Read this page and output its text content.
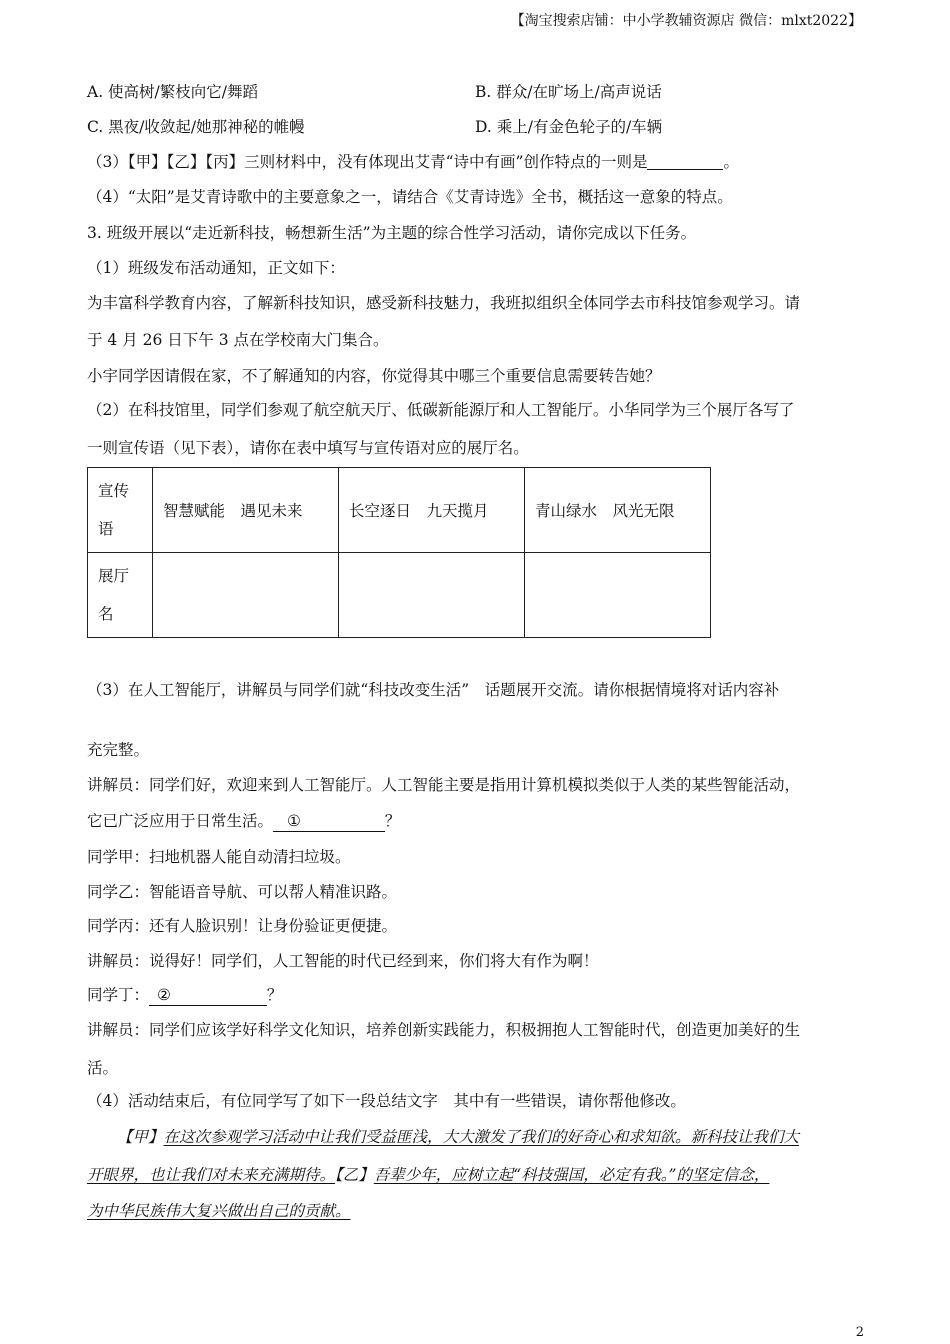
【淘宝搜索店铺：中小学教辅资源店 微信：mlxt2022】
A. 使高树/繁枝向它/舞蹈	B. 群众/在旷场上/高声说话
C. 黑夜/收敛起/她那神秘的帷幔	D. 乘上/有金色轮子的/车辆
（3）【甲】【乙】【丙】三则材料中，没有体现出艾青“诗中有画”创作特点的一则是	。
（4）“太阳”是艾青诗歌中的主要意象之一，请结合《艾青诗选》全书，概括这一意象的特点。
3. 班级开展以“走近新科技，畅想新生活”为主题的综合性学习活动，请你完成以下任务。
（1）班级发布活动通知，正文如下：
为丰富科学教育内容，了解新科技知识，感受新科技魅力，我班拟组织全体同学去市科技馆参观学习。请
于 4 月 26 日下午 3 点在学校南大门集合。
小宇同学因请假在家，不了解通知的内容，你觉得其中哪三个重要信息需要转告她？
（2）在科技馆里，同学们参观了航空航天厅、低碳新能源厅和人工智能厅。小华同学为三个展厅各写了
一则宣传语（见下表），请你在表中填写与宣传语对应的展厅名。
宣传语	智慧赋能　遇见未来	长空逐日　九天揽月	青山绿水　风光无限
展厅名			
（3）在人工智能厅，讲解员与同学们就“科技改变生活”　话题展开交流。请你根据情境将对话内容补
充完整。
讲解员：同学们好，欢迎来到人工智能厅。人工智能主要是指用计算机模拟类似于人类的某些智能活动，
它已广泛应用于日常生活。 ①	？
同学甲：扫地机器人能自动清扫垃圾。
同学乙：智能语音导航、可以帮人精准识路。
同学丙：还有人脸识别！让身份验证更便捷。
讲解员：说得好！同学们，人工智能的时代已经到来，你们将大有作为啊！
同学丁： ②	？
讲解员：同学们应该学好科学文化知识，培养创新实践能力，积极拥抱人工智能时代，创造更加美好的生
活。
（4）活动结束后，有位同学写了如下一段总结文字　其中有一些错误，请你帮他修改。
【甲】在这次参观学习活动中让我们受益匪浅，大大激发了我们的好奇心和求知欲。新科技让我们大
开眼界，也让我们对未来充满期待。【乙】吾辈少年，应树立起“科技强国，必定有我。”的坚定信念，
为中华民族伟大复兴做出自己的贡献。
2
